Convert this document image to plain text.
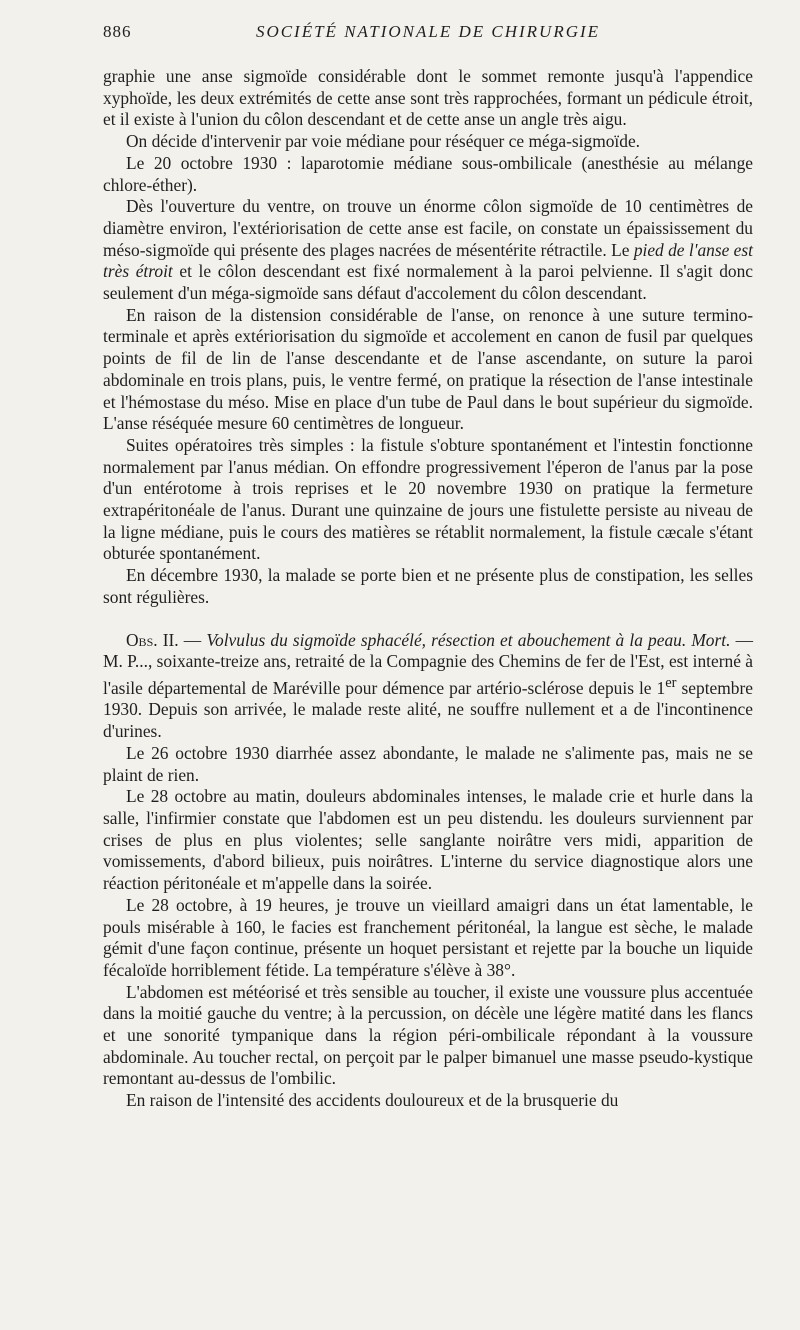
886	SOCIÉTÉ NATIONALE DE CHIRURGIE

graphie une anse sigmoïde considérable dont le sommet remonte jusqu'à l'appendice xyphoïde, les deux extrémités de cette anse sont très rapprochées, formant un pédicule étroit, et il existe à l'union du côlon descendant et de cette anse un angle très aigu.

On décide d'intervenir par voie médiane pour réséquer ce méga-sigmoïde.

Le 20 octobre 1930 : laparotomie médiane sous-ombilicale (anesthésie au mélange chlore-éther).

Dès l'ouverture du ventre, on trouve un énorme côlon sigmoïde de 10 centimètres de diamètre environ, l'extériorisation de cette anse est facile, on constate un épaississement du méso-sigmoïde qui présente des plages nacrées de mésentérite rétractile. Le pied de l'anse est très étroit et le côlon descendant est fixé normalement à la paroi pelvienne. Il s'agit donc seulement d'un méga-sigmoïde sans défaut d'accolement du côlon descendant.

En raison de la distension considérable de l'anse, on renonce à une suture termino-terminale et après extériorisation du sigmoïde et accolement en canon de fusil par quelques points de fil de lin de l'anse descendante et de l'anse ascendante, on suture la paroi abdominale en trois plans, puis, le ventre fermé, on pratique la résection de l'anse intestinale et l'hémostase du méso. Mise en place d'un tube de Paul dans le bout supérieur du sigmoïde. L'anse réséquée mesure 60 centimètres de longueur.

Suites opératoires très simples : la fistule s'obture spontanément et l'intestin fonctionne normalement par l'anus médian. On effondre progressivement l'éperon de l'anus par la pose d'un entérotome à trois reprises et le 20 novembre 1930 on pratique la fermeture extrapéritonéale de l'anus. Durant une quinzaine de jours une fistulette persiste au niveau de la ligne médiane, puis le cours des matières se rétablit normalement, la fistule cæcale s'étant obturée spontanément.

En décembre 1930, la malade se porte bien et ne présente plus de constipation, les selles sont régulières.

Obs. II. — Volvulus du sigmoïde sphacélé, résection et abouchement à la peau. Mort. — M. P..., soixante-treize ans, retraité de la Compagnie des Chemins de fer de l'Est, est interné à l'asile départemental de Maréville pour démence par artério-sclérose depuis le 1er septembre 1930. Depuis son arrivée, le malade reste alité, ne souffre nullement et a de l'incontinence d'urines.

Le 26 octobre 1930 diarrhée assez abondante, le malade ne s'alimente pas, mais ne se plaint de rien.

Le 28 octobre au matin, douleurs abdominales intenses, le malade crie et hurle dans la salle, l'infirmier constate que l'abdomen est un peu distendu. les douleurs surviennent par crises de plus en plus violentes; selle sanglante noirâtre vers midi, apparition de vomissements, d'abord bilieux, puis noirâtres. L'interne du service diagnostique alors une réaction péritonéale et m'appelle dans la soirée.

Le 28 octobre, à 19 heures, je trouve un vieillard amaigri dans un état lamentable, le pouls misérable à 160, le facies est franchement péritonéal, la langue est sèche, le malade gémit d'une façon continue, présente un hoquet persistant et rejette par la bouche un liquide fécaloïde horriblement fétide. La température s'élève à 38°.

L'abdomen est météorisé et très sensible au toucher, il existe une voussure plus accentuée dans la moitié gauche du ventre; à la percussion, on décèle une légère matité dans les flancs et une sonorité tympanique dans la région péri-ombilicale répondant à la voussure abdominale. Au toucher rectal, on perçoit par le palper bimanuel une masse pseudo-kystique remontant au-dessus de l'ombilic.

En raison de l'intensité des accidents douloureux et de la brusquerie du
